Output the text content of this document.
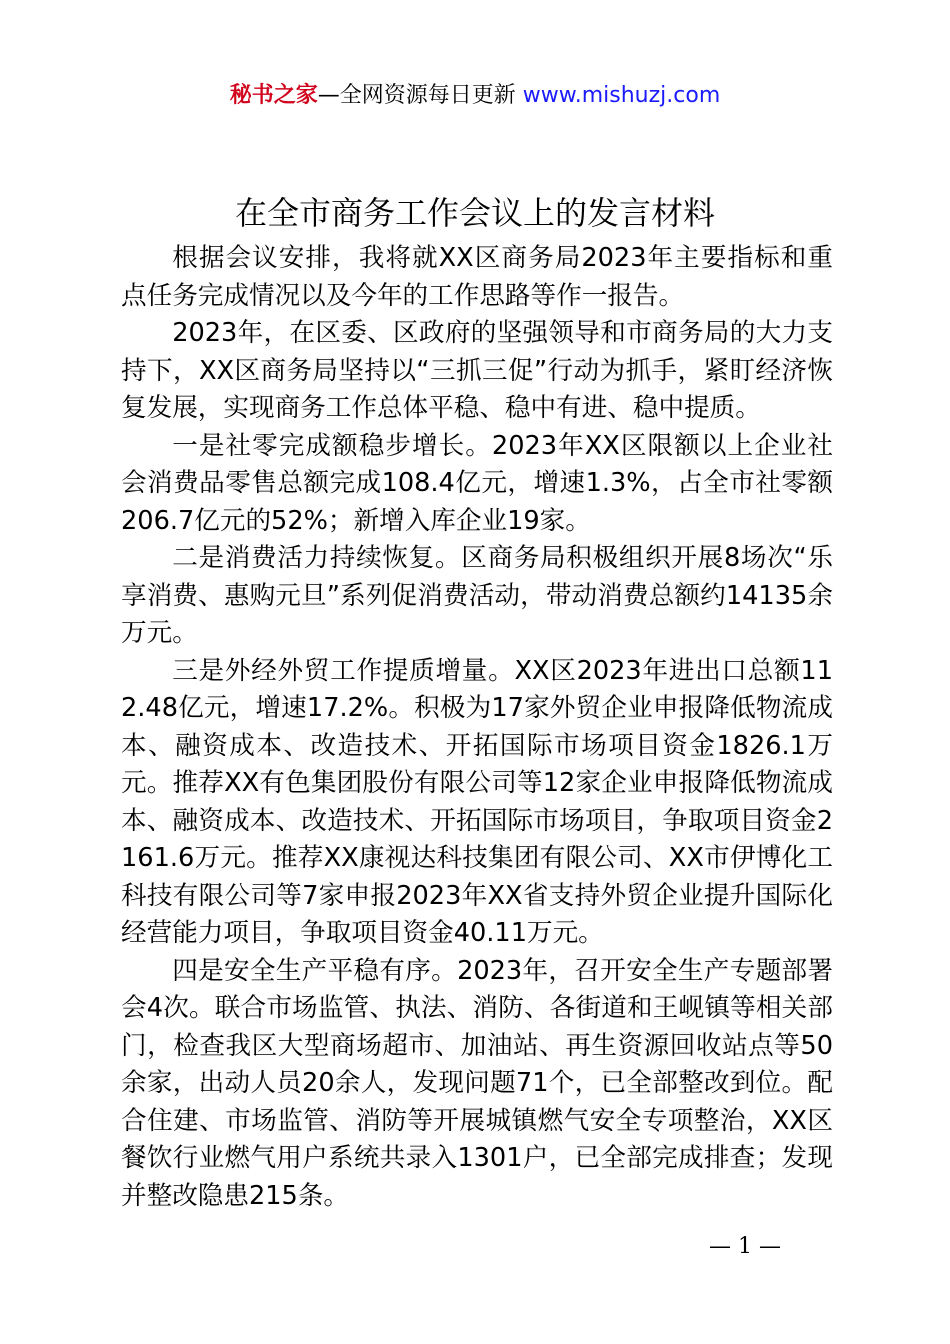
秘书之家—全网资源每日更新 www.mishuzj.com
在全市商务工作会议上的发言材料

根据会议安排，我将就XX区商务局2023年主要指标和重点任务完成情况以及今年的工作思路等作一报告。

2023年，在区委、区政府的坚强领导和市商务局的大力支持下，XX区商务局坚持以“三抓三促”行动为抓手，紧盯经济恢复发展，实现商务工作总体平稳、稳中有进、稳中提质。

一是社零完成额稳步增长。2023年XX区限额以上企业社会消费品零售总额完成108.4亿元，增速1.3%，占全市社零额206.7亿元的52%；新增入库企业19家。

二是消费活力持续恢复。区商务局积极组织开展8场次“乐享消费、惠购元旦”系列促消费活动，带动消费总额约14135余万元。

三是外经外贸工作提质增量。XX区2023年进出口总额112.48亿元，增速17.2%。积极为17家外贸企业申报降低物流成本、融资成本、改造技术、开拓国际市场项目资金1826.1万元。推荐XX有色集团股份有限公司等12家企业申报降低物流成本、融资成本、改造技术、开拓国际市场项目，争取项目资金2161.6万元。推荐XX康视达科技集团有限公司、XX市伊博化工科技有限公司等7家申报2023年XX省支持外贸企业提升国际化经营能力项目，争取项目资金40.11万元。

四是安全生产平稳有序。2023年，召开安全生产专题部署会4次。联合市场监管、执法、消防、各街道和王岘镇等相关部门，检查我区大型商场超市、加油站、再生资源回收站点等50余家，出动人员20余人，发现问题71个，已全部整改到位。配合住建、市场监管、消防等开展城镇燃气安全专项整治，XX区餐饮行业燃气用户系统共录入1301户，已全部完成排查；发现并整改隐患215条。

— 1 —
